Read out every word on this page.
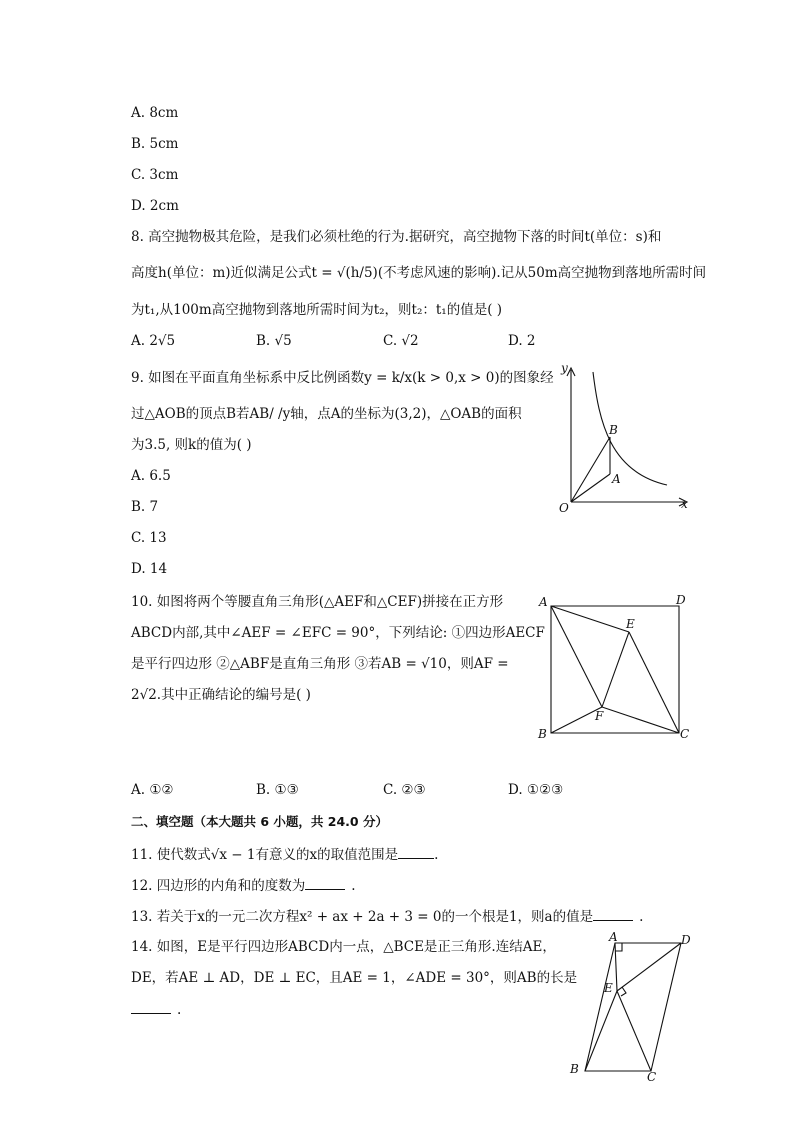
A. 8cm
B. 5cm
C. 3cm
D. 2cm
8. 高空抛物极其危险，是我们必须杜绝的行为.据研究，高空抛物下落的时间t(单位：s)和
高度h(单位：m)近似满足公式t = √(h/5)(不考虑风速的影响).记从50m高空抛物到落地所需时间
为t₁,从100m高空抛物到落地所需时间为t₂，则t₂：t₁的值是( )
A. 2√5	B. √5	C. √2	D. 2
9. 如图在平面直角坐标系中反比例函数y = k/x(k > 0,x > 0)的图象经
过△AOB的顶点B若AB/ /y轴，点A的坐标为(3,2)，△OAB的面积
为3.5, 则k的值为( )
A. 6.5
B. 7
C. 13
D. 14
y
x
O
B
A
10. 如图将两个等腰直角三角形(△AEF和△CEF)拼接在正方形
ABCD内部,其中∠AEF = ∠EFC = 90°，下列结论: ①四边形AECF
是平行四边形 ②△ABF是直角三角形 ③若AB = √10，则AF =
2√2.其中正确结论的编号是( )
A. ①②	B. ①③	C. ②③	D. ①②③
A	D
B	C
E
F
二、填空题（本大题共 6 小题，共 24.0 分）
11. 使代数式√x − 1有意义的x的取值范围是	.
12. 四边形的内角和的度数为	.
13. 若关于x的一元二次方程x² + ax + 2a + 3 = 0的一个根是1，则a的值是	.
14. 如图，E是平行四边形ABCD内一点，△BCE是正三角形.连结AE，
DE，若AE ⊥ AD，DE ⊥ EC，且AE = 1，∠ADE = 30°，则AB的长是
.
A	D
E
B
C
